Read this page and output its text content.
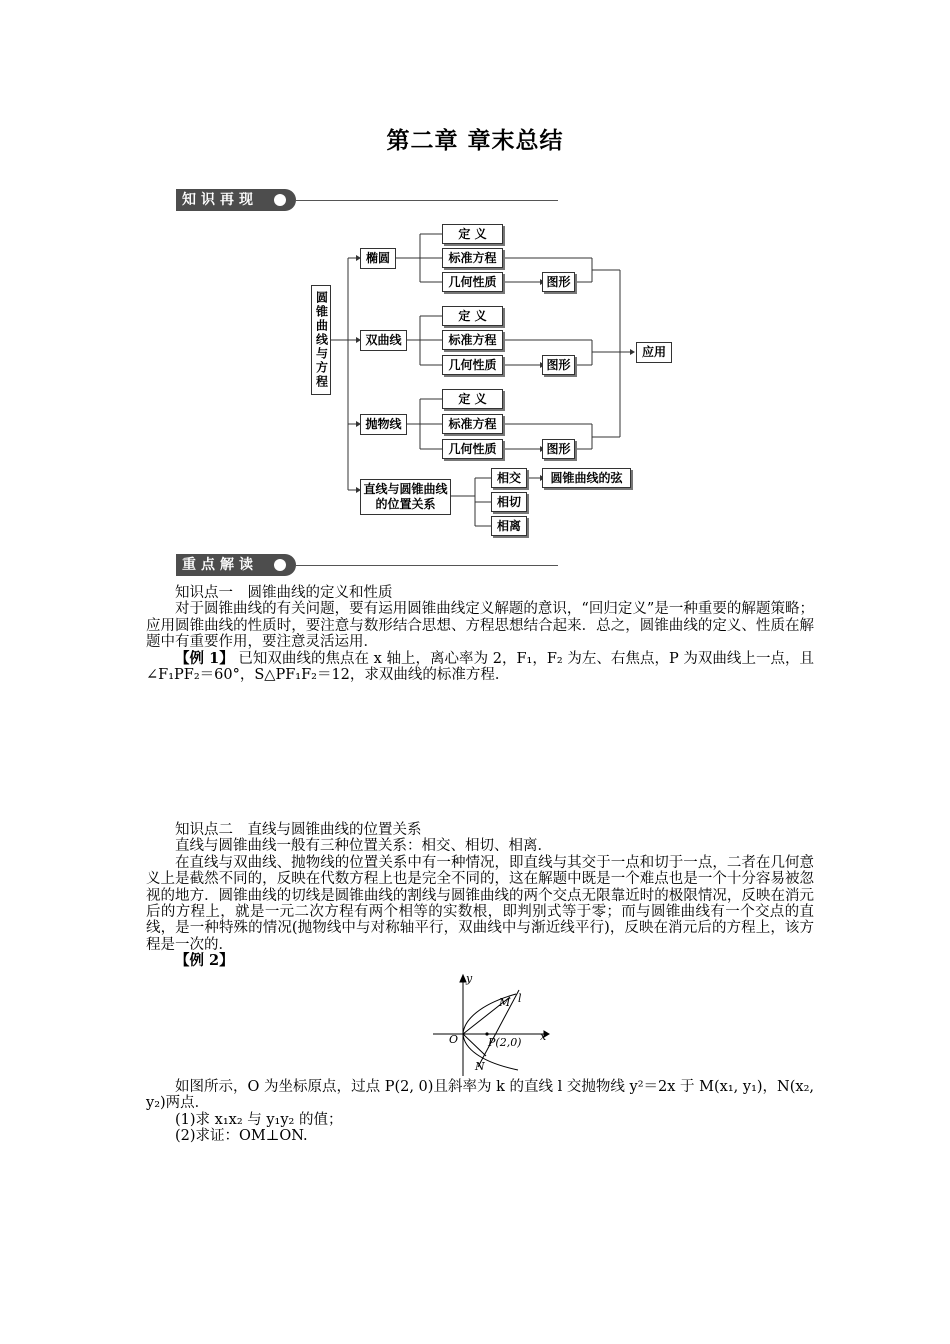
第二章 章末总结
知识再现
圆锥曲线与方程
椭圆
定 义
标准方程
几何性质	图形
双曲线
定 义
标准方程
几何性质	图形
抛物线
定 义
标准方程
几何性质	图形
应用
直线与圆锥曲线的位置关系
相交
相切
相离
圆锥曲线的弦
重点解读

知识点一　圆锥曲线的定义和性质

对于圆锥曲线的有关问题，要有运用圆锥曲线定义解题的意识，“回归定义”是一种重要的解题策略；应用圆锥曲线的性质时，要注意与数形结合思想、方程思想结合起来．总之，圆锥曲线的定义、性质在解题中有重要作用，要注意灵活运用．

【例 1】 已知双曲线的焦点在 x 轴上，离心率为 2，F₁，F₂ 为左、右焦点，P 为双曲线上一点，且∠F₁PF₂＝60°，S△PF₁F₂＝12，求双曲线的标准方程．

知识点二　直线与圆锥曲线的位置关系

直线与圆锥曲线一般有三种位置关系：相交、相切、相离．

在直线与双曲线、抛物线的位置关系中有一种情况，即直线与其交于一点和切于一点，二者在几何意义上是截然不同的，反映在代数方程上也是完全不同的，这在解题中既是一个难点也是一个十分容易被忽视的地方．圆锥曲线的切线是圆锥曲线的割线与圆锥曲线的两个交点无限靠近时的极限情况，反映在消元后的方程上，就是一元二次方程有两个相等的实数根，即判别式等于零；而与圆锥曲线有一个交点的直线，是一种特殊的情况(抛物线中与对称轴平行，双曲线中与渐近线平行)，反映在消元后的方程上，该方程是一次的．

【例 2】

y
x
O
M l
N
P(2,0)

如图所示，O 为坐标原点，过点 P(2, 0)且斜率为 k 的直线 l 交抛物线 y²＝2x 于 M(x₁, y₁)，N(x₂, y₂)两点．

(1)求 x₁x₂ 与 y₁y₂ 的值；

(2)求证：OM⊥ON.
